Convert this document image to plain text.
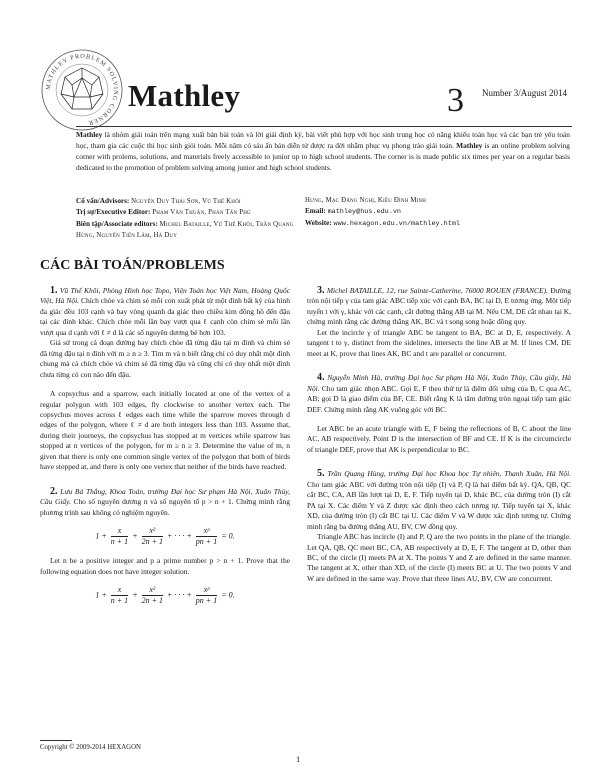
MATHLEY PROBLEM SOLVING CORNER
Mathley	3 Number 3/August 2014
Mathley là nhóm giải toán trên mạng xuất bản bài toán và lời giải định kỳ, bài viết phù hợp với học sinh trung học có năng khiếu toán học và các bạn trẻ yêu toán học, tham gia các cuộc thi học sinh giỏi toán. Mỗi năm có sáu ấn bản diễn tử được ra đời nhằm phục vụ phong trào giải toán. Mathley is an online problem solving corner with prolems, solutions, and materials freely accessible to junior up to high school students. The corner is is made public six times per year on a regular basis dedicated to the promotion of problem solving among junior and high school students.
Cố vấn/Advisors: Nguyễn Duy Thái Sơn, Vũ Thế Khôi
Trị sự/Executive Editor: Phạm Văn Thuận, Phan Tấn Phú
Biên tập/Associate editors: Michel Bataille, Vũ Thế Khôi, Trần Quang Hùng, Nguyễn Tiến Lâm, Hà Duy
Hưng, Mạc Đăng Nghị, Kiều Đình Minh
Email: mathley@hus.edu.vn
Website: www.hexagon.edu.vn/mathley.html
CÁC BÀI TOÁN/PROBLEMS

1. Vũ Thế Khôi, Phòng Hình học Topo, Viện Toán học Việt Nam, Hoàng Quốc Việt, Hà Nội. Chích chòe và chim sẻ mỗi con xuất phát từ một đỉnh bất kỳ của hình đa giác đều 103 cạnh và bay vòng quanh đa giác theo chiều kim đồng hồ đến đậu tại các đỉnh khác. Chích chòe mỗi lần bay vượt qua ℓ cạnh còn chim sẻ mỗi lần vượt qua d cạnh với ℓ ≠ d là các số nguyên dương bé hơn 103.

Giả sử trong cả đoạn đường bay chích chòe đã từng đậu tại m đỉnh và chim sẻ đã từng đậu tại n đỉnh với m ≥ n ≥ 3. Tìm m và n biết rằng chỉ có duy nhất một đỉnh chung mà cả chích chòe và chim sẻ đã từng đậu và cũng chỉ có duy nhất một đỉnh chưa từng có con nào đến đậu.

A copsychus and a sparrow, each initially located at one of the vertex of a regular polygon with 103 edges, fly clockwise to another vertex each. The copsychus moves across ℓ edges each time while the sparrow moves through d edges of the polygon, where ℓ ≠ d are both integers less than 103. Assume that, during their journeys, the copsychus has stopped at m vertices while sparrow has stopped at n vertices of the polygon, for m ≥ n ≥ 3. Determine the value of m, n given that there is only one common single vertex of the polygon that both of birds have stopped at, and there is only one vertex that neither of the birds have reached.

2. Lưu Bá Thắng, Khoa Toán, trường Đại học Sư phạm Hà Nội, Xuân Thủy, Cầu Giấy. Cho số nguyên dương n và số nguyên tố p > n + 1. Chứng minh rằng phương trình sau không có nghiệm nguyên.

$1 + \frac{x}{n + 1} + \frac{\text{x²}}{2n + 1}$ + · · · + $\frac{\text{xᵖ}}{pn + 1} = 0$.

Let n be a positive integer and p a prime number p > n + 1. Prove that the following equation does not have integer solution.

$1 + \frac{x}{n + 1} + \frac{\text{x²}}{2n + 1}$ + · · · + $\frac{\text{xᵖ}}{pn + 1} = 0$.

3. Michel BATAILLE, 12, rue Sainte-Catherine, 76000 ROUEN (FRANCE). Đường tròn nội tiếp γ của tam giác ABC tiếp xúc với cạnh BA, BC tại D, E tương ứng. Một tiếp tuyến t với γ, khác với các cạnh, cắt đường thẳng AB tại M. Nếu CM, DE cắt nhau tại K, chứng minh rằng các đường thẳng AK, BC và t song song hoặc đồng quy.

Let the incircle γ of triangle ABC be tangent to BA, BC at D, E, respectively. A tangent t to γ, distinct from the sidelines, intersects the line AB at M. If lines CM, DE meet at K, prove that lines AK, BC and t are parallel or concurrent.

4. Nguyễn Minh Hà, trường Đại học Sư phạm Hà Nội, Xuân Thủy, Cầu giấy, Hà Nội. Cho tam giác nhọn ABC. Gọi E, F theo thứ tự là điểm đối xứng của B, C qua AC, AB; gọi D là giao điểm của BF, CE. Biết rằng K là tâm đường tròn ngoại tiếp tam giác DEF. Chứng minh rằng AK vuông góc với BC.

Let ABC be an acute triangle with E, F being the reflections of B, C about the line AC, AB respectively. Point D is the intersection of BF and CE. If K is the circumcircle of triangle DEF, prove that AK is perpendicular to BC.

5. Trần Quang Hùng, trường Đại học Khoa học Tự nhiên, Thanh Xuân, Hà Nội. Cho tam giác ABC với đường tròn nội tiếp (I) và P, Q là hai điểm bất kỳ. QA, QB, QC cắt BC, CA, AB lần lượt tại D, E, F. Tiếp tuyến tại D, khác BC, của đường tròn (I) cắt PA tại X. Các điểm Y và Z được xác định theo cách tương tự. Tiếp tuyến tại X, khác XD, của đường tròn (I) cắt BC tại U. Các điểm V và W được xác định tương tự. Chứng minh rằng ba đường thẳng AU, BV, CW đồng quy.

Triangle ABC has incircle (I) and P, Q are the two points in the plane of the triangle. Let QA, QB, QC meet BC, CA, AB respectively at D, E, F. The tangent at D, other than BC, of the circle (I) meets PA at X. The points Y and Z are defined in the same manner. The tangent at X, other than XD, of the circle (I) meets BC at U. The two points V and W are defined in the same way. Prove that three lines AU, BV, CW are concurrent.

Copyright © 2009-2014 HEXAGON
1
